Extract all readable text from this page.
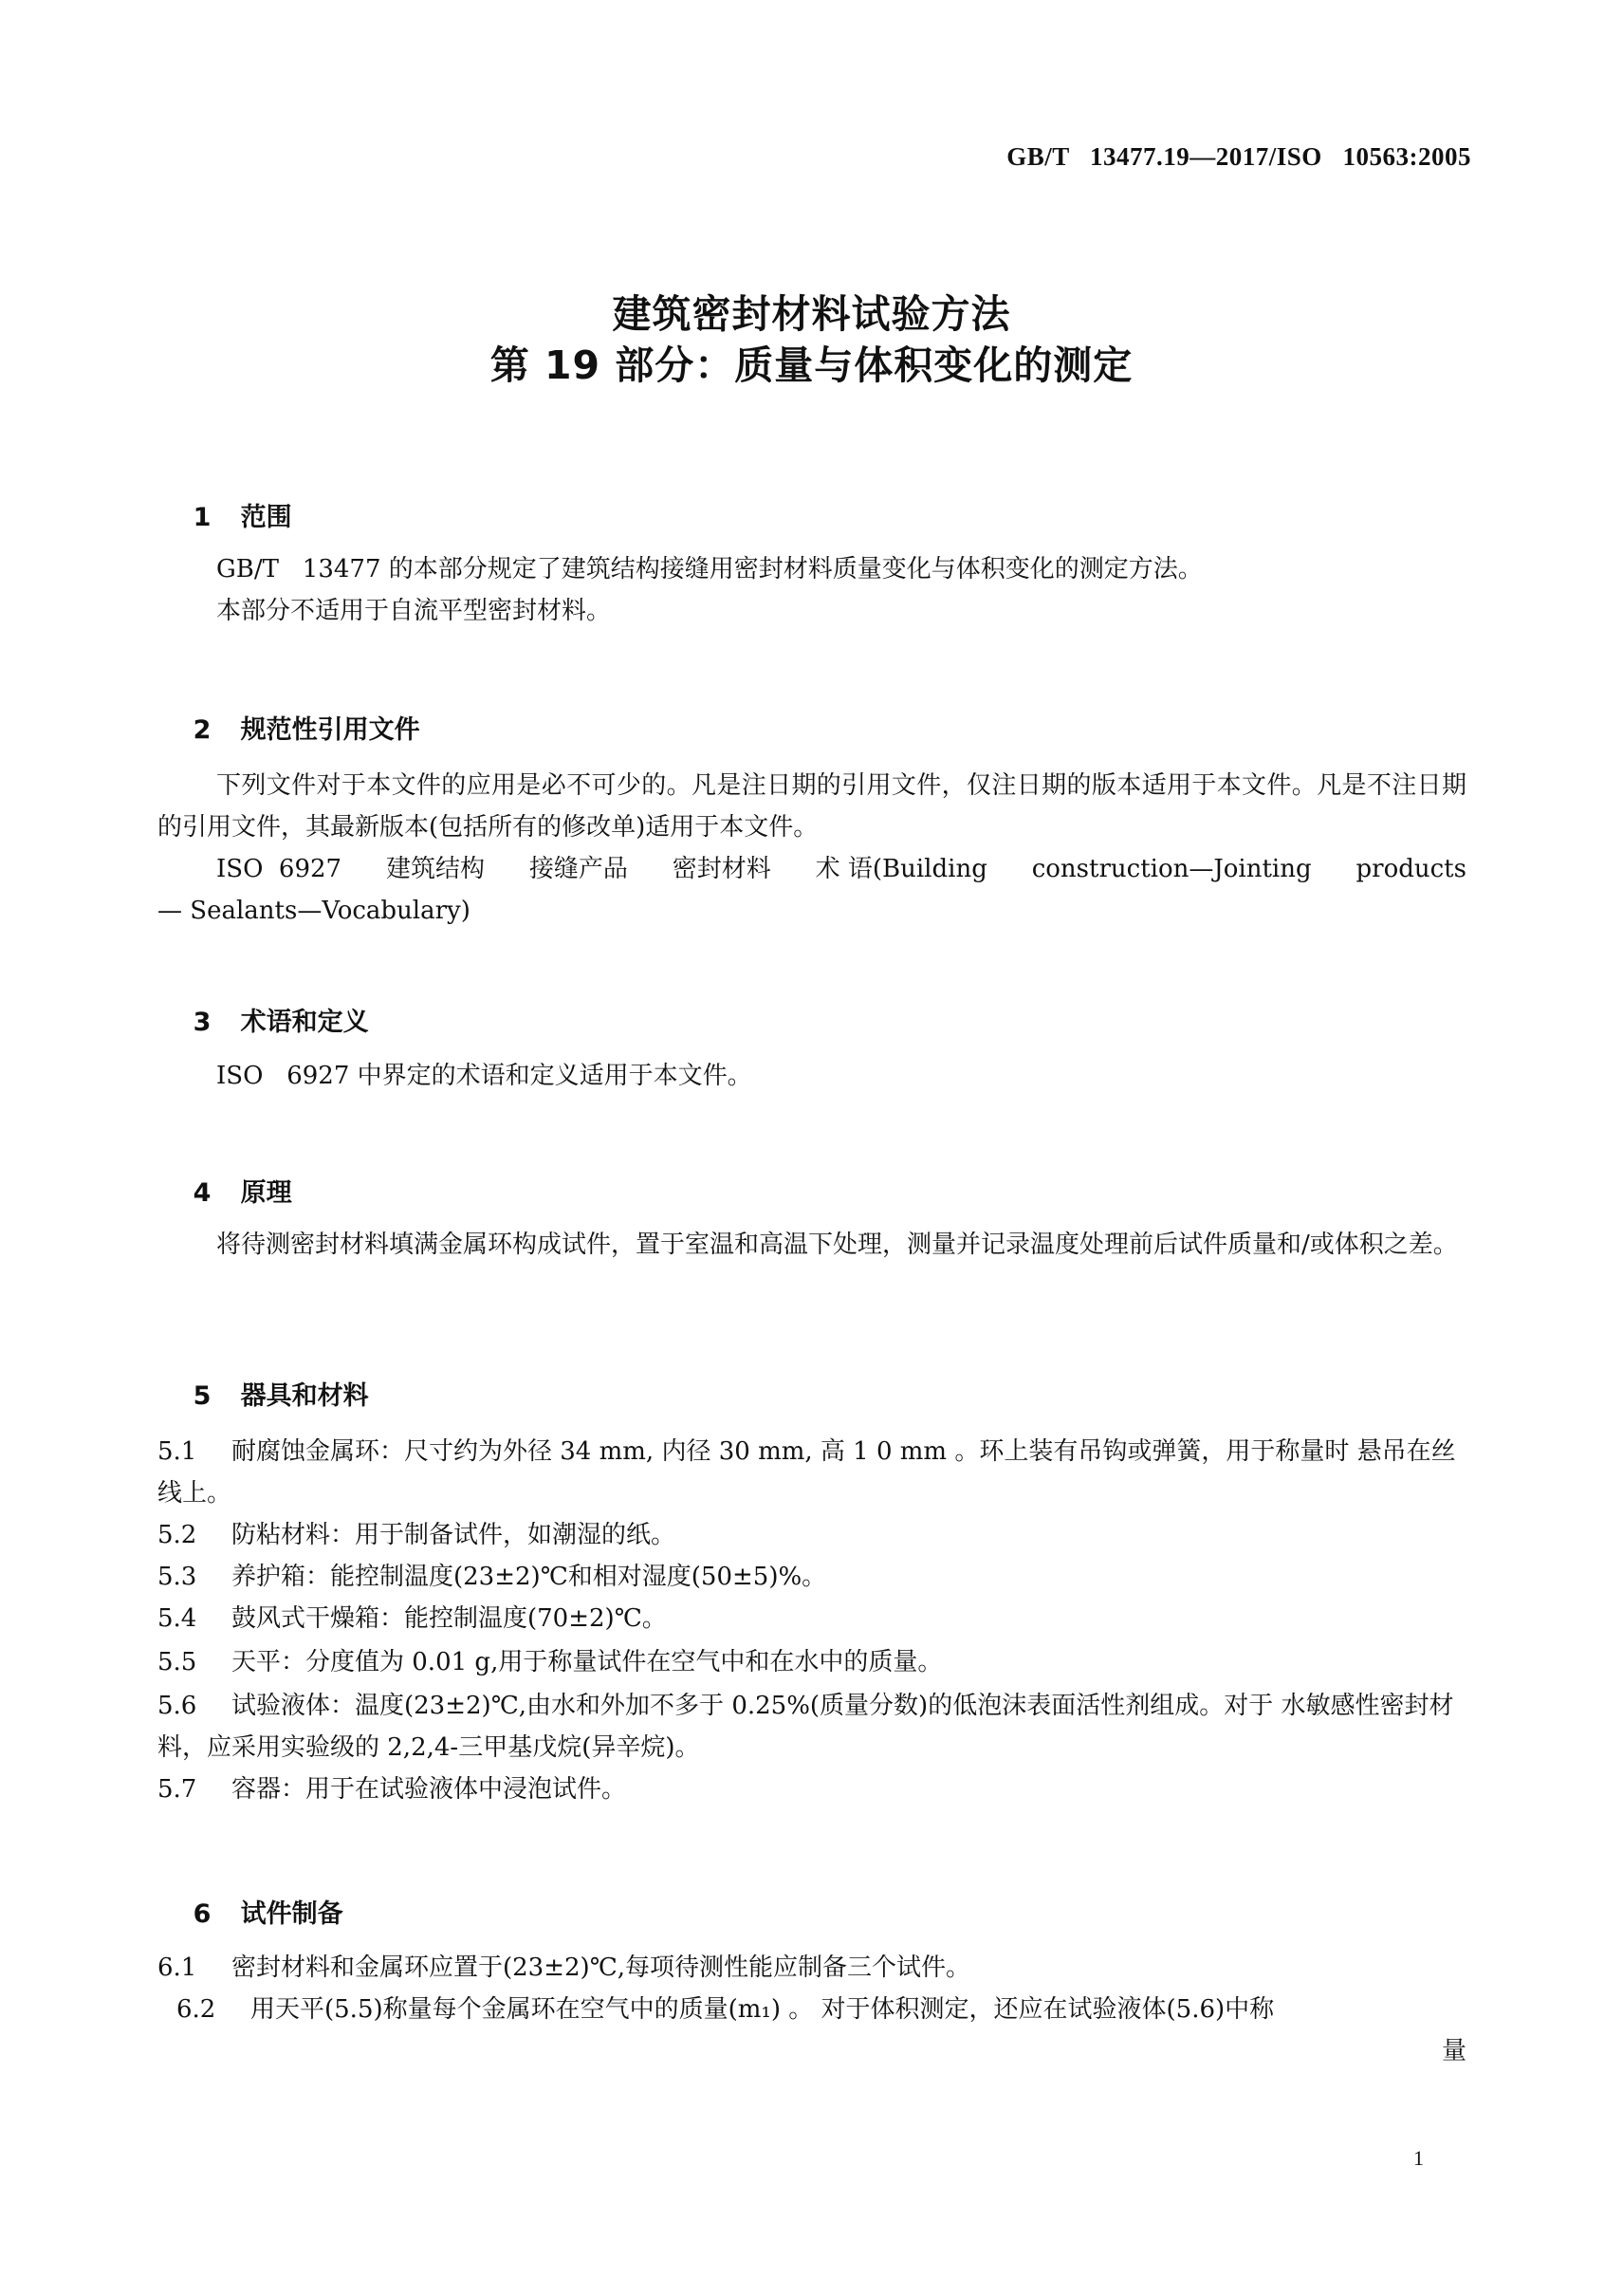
GB/T   13477.19—2017/ISO   10563:2005
建筑密封材料试验方法
第 19 部分：质量与体积变化的测定

1 范围

GB/T   13477 的本部分规定了建筑结构接缝用密封材料质量变化与体积变化的测定方法。
本部分不适用于自流平型密封材料。

2 规范性引用文件

下列文件对于本文件的应用是必不可少的。凡是注日期的引用文件，仅注日期的版本适用于本文件。凡是不注日期的引用文件，其最新版本(包括所有的修改单)适用于本文件。
ISO  6927 建筑结构 接缝产品 密封材料 术 语(Building construction—Jointing products
— Sealants—Vocabulary)

3 术语和定义

ISO   6927 中界定的术语和定义适用于本文件。

4 原理

将待测密封材料填满金属环构成试件，置于室温和高温下处理，测量并记录温度处理前后试件质量和/或体积之差。

5 器具和材料

5.1 耐腐蚀金属环：尺寸约为外径 34 mm, 内径 30 mm, 高 1 0 mm 。环上装有吊钩或弹簧，用于称量时 悬吊在丝线上。
5.2 防粘材料：用于制备试件，如潮湿的纸。
5.3 养护箱：能控制温度(23±2)℃和相对湿度(50±5)%。
5.4 鼓风式干燥箱：能控制温度(70±2)℃。
5.5 天平：分度值为 0.01 g,用于称量试件在空气中和在水中的质量。
5.6 试验液体：温度(23±2)℃,由水和外加不多于 0.25%(质量分数)的低泡沫表面活性剂组成。对于 水敏感性密封材料，应采用实验级的 2,2,4-三甲基戊烷(异辛烷)。
5.7 容器：用于在试验液体中浸泡试件。

6 试件制备

6.1 密封材料和金属环应置于(23±2)℃,每项待测性能应制备三个试件。
6.2 用天平(5.5)称量每个金属环在空气中的质量(m₁) 。 对于体积测定，还应在试验液体(5.6)中称
量
1
